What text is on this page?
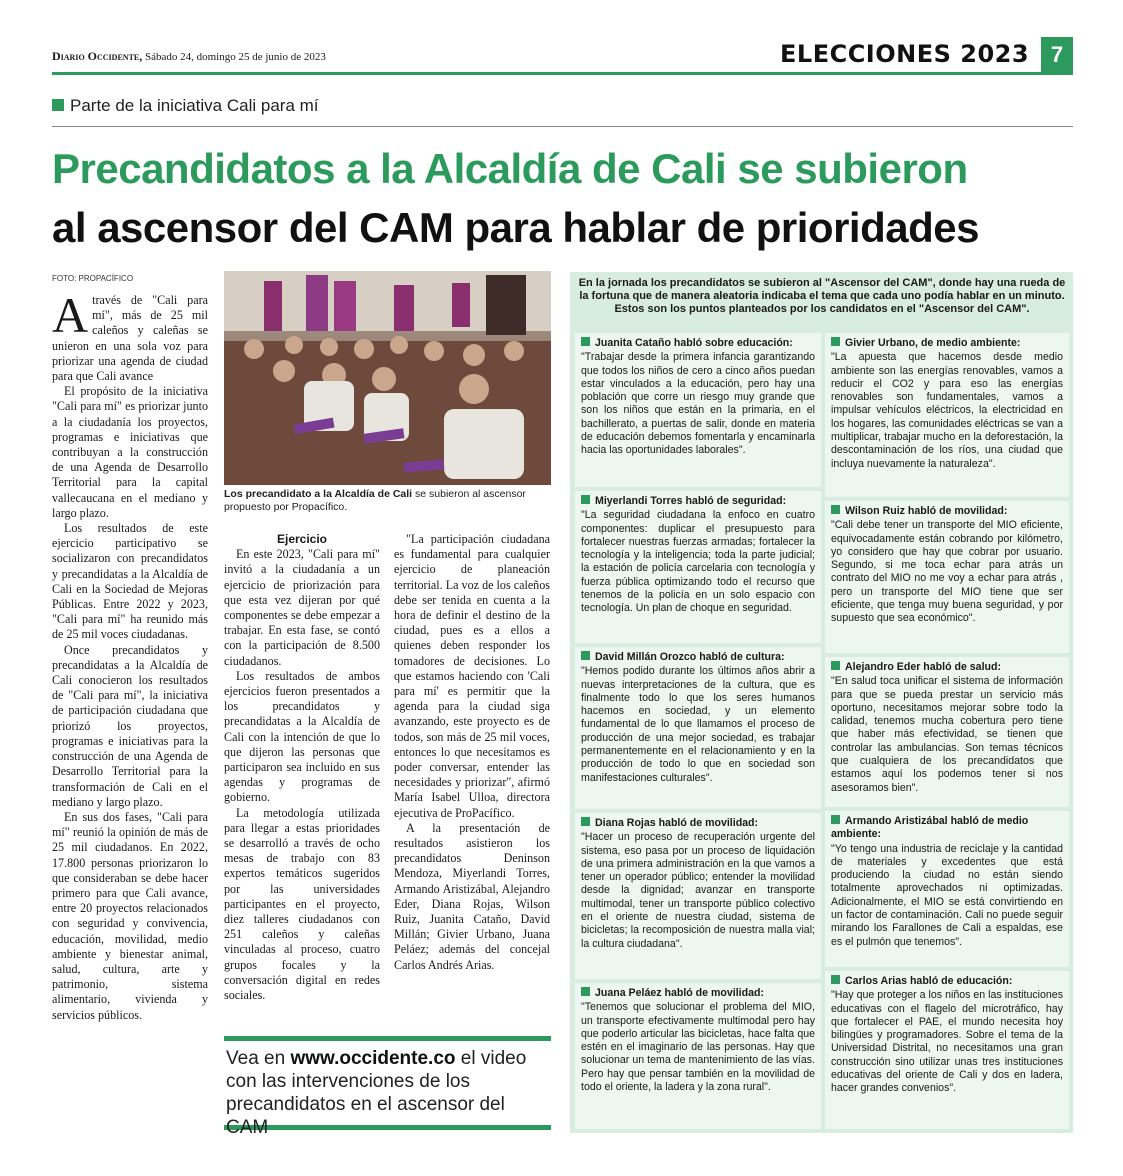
Diario Occidente, Sábado 24, domingo 25 de junio de 2023	ELECCIONES 2023 7
Parte de la iniciativa Cali para mí
Precandidatos a la Alcaldía de Cali se subieron
al ascensor del CAM para hablar de prioridades
FOTO: PROPACÍFICO

Através de "Cali para mí", más de 25 mil caleños y caleñas se unieron en una sola voz para priorizar una agenda de ciudad para que Cali avance

El propósito de la iniciativa "Cali para mí" es priorizar junto a la ciudadanía los proyectos, programas e iniciativas que contribuyan a la construcción de una Agenda de Desarrollo Territorial para la capital vallecaucana en el mediano y largo plazo.

Los resultados de este ejercicio participativo se socializaron con precandidatos y precandidatas a la Alcaldía de Cali en la Sociedad de Mejoras Públicas. Entre 2022 y 2023, "Cali para mí" ha reunido más de 25 mil voces ciudadanas.

Once precandidatos y precandidatas a la Alcaldía de Cali conocieron los resultados de "Cali para mí", la iniciativa de participación ciudadana que priorizó los proyectos, programas e iniciativas para la construcción de una Agenda de Desarrollo Territorial para la transformación de Cali en el mediano y largo plazo.

En sus dos fases, "Cali para mí" reunió la opinión de más de 25 mil ciudadanos. En 2022, 17.800 personas priorizaron lo que consideraban se debe hacer primero para que Cali avance, entre 20 proyectos relacionados con seguridad y convivencia, educación, movilidad, medio ambiente y bienestar animal, salud, cultura, arte y patrimonio, sistema alimentario, vivienda y servicios públicos.

Los precandidato a la Alcaldía de Cali se subieron al ascensor propuesto por Propacífico.

Ejercicio

En este 2023, "Cali para mí" invitó a la ciudadanía a un ejercicio de priorización para que esta vez dijeran por qué componentes se debe empezar a trabajar. En esta fase, se contó con la participación de 8.500 ciudadanos.

Los resultados de ambos ejercicios fueron presentados a los precandidatos y precandidatas a la Alcaldía de Cali con la intención de que lo que dijeron las personas que participaron sea incluido en sus agendas y programas de gobierno.

La metodología utilizada para llegar a estas prioridades se desarrolló a través de ocho mesas de trabajo con 83 expertos temáticos sugeridos por las universidades participantes en el proyecto, diez talleres ciudadanos con 251 caleños y caleñas vinculadas al proceso, cuatro grupos focales y la conversación digital en redes sociales.

"La participación ciudadana es fundamental para cualquier ejercicio de planeación territorial. La voz de los caleños debe ser tenida en cuenta a la hora de definir el destino de la ciudad, pues es a ellos a quienes deben responder los tomadores de decisiones. Lo que estamos haciendo con 'Cali para mí' es permitir que la agenda para la ciudad siga avanzando, este proyecto es de todos, son más de 25 mil voces, entonces lo que necesitamos es poder conversar, entender las necesidades y priorizar", afirmó María Isabel Ulloa, directora ejecutiva de ProPacífico.

A la presentación de resultados asistieron los precandidatos Deninson Mendoza, Miyerlandi Torres, Armando Aristizábal, Alejandro Eder, Diana Rojas, Wilson Ruiz, Juanita Cataño, David Millán; Givier Urbano, Juana Peláez; además del concejal Carlos Andrés Arias.

Vea en www.occidente.co el video con las intervenciones de los precandidatos en el ascensor del CAM
En la jornada los precandidatos se subieron al "Ascensor del CAM", donde hay una rueda de la fortuna que de manera aleatoria indicaba el tema que cada uno podía hablar en un minuto. Estos son los puntos planteados por los candidatos en el "Ascensor del CAM".
Juanita Cataño habló sobre educación:
"Trabajar desde la primera infancia garantizando que todos los niños de cero a cinco años puedan estar vinculados a la educación, pero hay una población que corre un riesgo muy grande que son los niños que están en la primaria, en el bachillerato, a puertas de salir, donde en materia de educación debemos fomentarla y encaminarla hacia las oportunidades laborales".
Miyerlandi Torres habló de seguridad:
"La seguridad ciudadana la enfoco en cuatro componentes: duplicar el presupuesto para fortalecer nuestras fuerzas armadas; fortalecer la tecnología y la inteligencia; toda la parte judicial; la estación de policía carcelaria con tecnología y fuerza pública optimizando todo el recurso que tenemos de la policía en un solo espacio con tecnología. Un plan de choque en seguridad.
David Millán Orozco habló de cultura:
"Hemos podido durante los últimos años abrir a nuevas interpretaciones de la cultura, que es finalmente todo lo que los seres humanos hacemos en sociedad, y un elemento fundamental de lo que llamamos el proceso de producción de una mejor sociedad, es trabajar permanentemente en el relacionamiento y en la producción de todo lo que en sociedad son manifestaciones culturales".
Diana Rojas habló de movilidad:
"Hacer un proceso de recuperación urgente del sistema, eso pasa por un proceso de liquidación de una primera administración en la que vamos a tener un operador público; entender la movilidad desde la dignidad; avanzar en transporte multimodal, tener un transporte público colectivo en el oriente de nuestra ciudad, sistema de bicicletas; la recomposición de nuestra malla vial; la cultura ciudadana".
Juana Peláez habló de movilidad:
"Tenemos que solucionar el problema del MIO, un transporte efectivamente multimodal pero hay que poderlo articular las bicicletas, hace falta que estén en el imaginario de las personas. Hay que solucionar un tema de mantenimiento de las vías. Pero hay que pensar también en la movilidad de todo el oriente, la ladera y la zona rural".
Givier Urbano, de medio ambiente:
"La apuesta que hacemos desde medio ambiente son las energías renovables, vamos a reducir el CO2 y para eso las energías renovables son fundamentales, vamos a impulsar vehículos eléctricos, la electricidad en los hogares, las comunidades eléctricas se van a multiplicar, trabajar mucho en la deforestación, la descontaminación de los ríos, una ciudad que incluya nuevamente la naturaleza".
Wilson Ruiz habló de movilidad:
"Cali debe tener un transporte del MIO eficiente, equivocadamente están cobrando por kilómetro, yo considero que hay que cobrar por usuario. Segundo, si me toca echar para atrás un contrato del MIO no me voy a echar para atrás , pero un transporte del MIO tiene que ser eficiente, que tenga muy buena seguridad, y por supuesto que sea económico".
Alejandro Eder habló de salud:
"En salud toca unificar el sistema de información para que se pueda prestar un servicio más oportuno, necesitamos mejorar sobre todo la calidad, tenemos mucha cobertura pero tiene que haber más efectividad, se tienen que controlar las ambulancias. Son temas técnicos que cualquiera de los precandidatos que estamos aquí los podemos tener si nos asesoramos bien".
Armando Aristizábal habló de medio ambiente:
"Yo tengo una industria de reciclaje y la cantidad de materiales y excedentes que está produciendo la ciudad no están siendo totalmente aprovechados ni optimizadas. Adicionalmente, el MIO se está convirtiendo en un factor de contaminación. Cali no puede seguir mirando los Farallones de Cali a espaldas, ese es el pulmón que tenemos".
Carlos Arias habló de educación:
"Hay que proteger a los niños en las instituciones educativas con el flagelo del microtráfico, hay que fortalecer el PAE, el mundo necesita hoy bilingües y programadores. Sobre el tema de la Universidad Distrital, no necesitamos una gran construcción sino utilizar unas tres instituciones educativas del oriente de Cali y dos en ladera, hacer grandes convenios".
